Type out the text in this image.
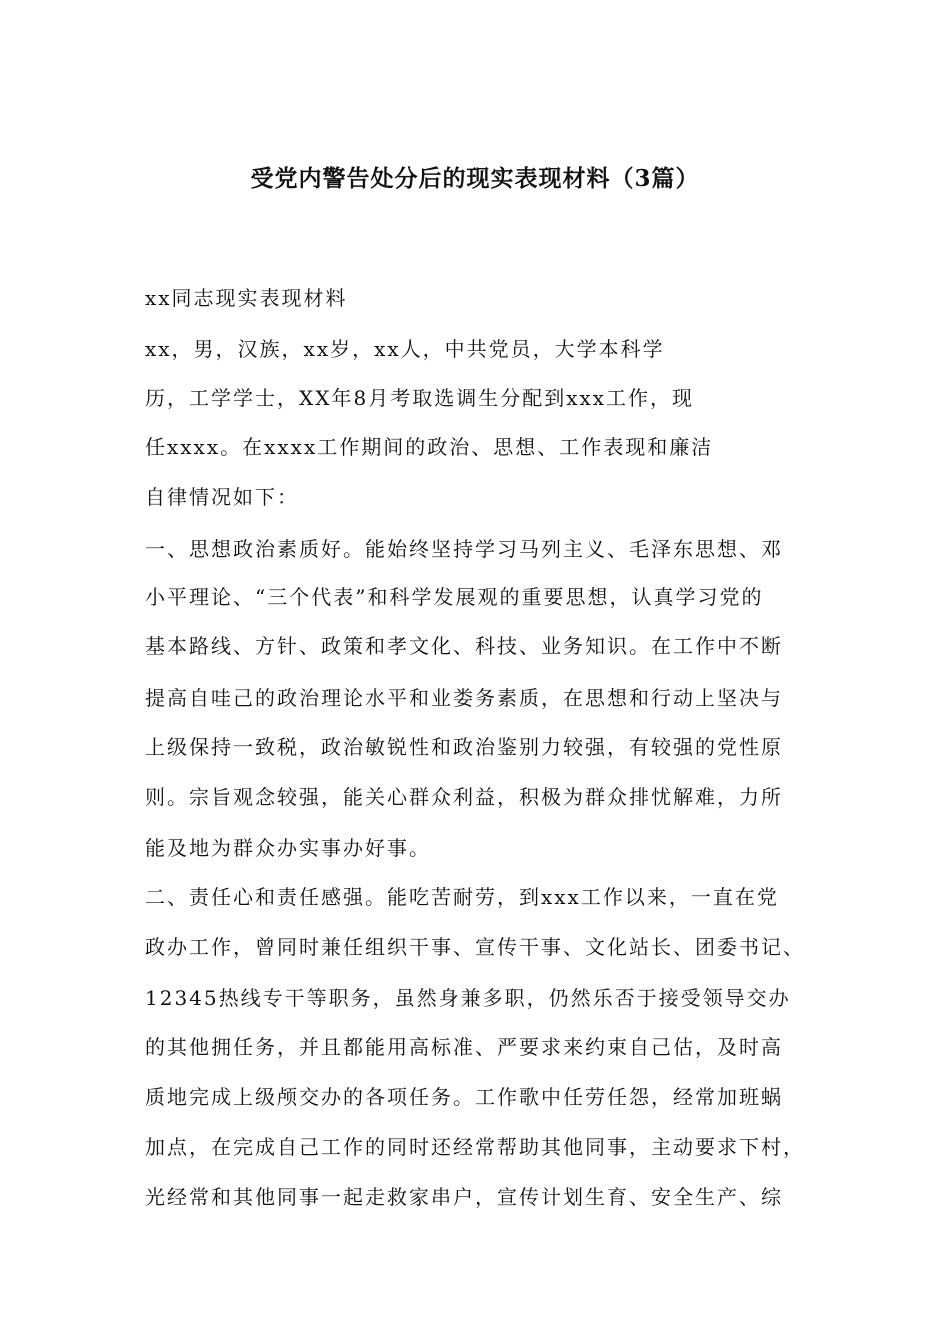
受党内警告处分后的现实表现材料（3篇）
xx同志现实表现材料
xx，男，汉族，xx岁，xx人，中共党员，大学本科学
历，工学学士，XX年8月考取选调生分配到xxx工作，现
任xxxx。在xxxx工作期间的政治、思想、工作表现和廉洁
自律情况如下：
一、思想政治素质好。能始终坚持学习马列主义、毛泽东思想、邓
小平理论、“三个代表”和科学发展观的重要思想，认真学习党的
基本路线、方针、政策和孝文化、科技、业务知识。在工作中不断
提高自哇己的政治理论水平和业娄务素质，在思想和行动上坚决与
上级保持一致税，政治敏锐性和政治鉴别力较强，有较强的党性原
则。宗旨观念较强，能关心群众利益，积极为群众排忧解难，力所
能及地为群众办实事办好事。
二、责任心和责任感强。能吃苦耐劳，到xxx工作以来，一直在党
政办工作，曾同时兼任组织干事、宣传干事、文化站长、团委书记、
12345热线专干等职务，虽然身兼多职，仍然乐否于接受领导交办
的其他拥任务，并且都能用高标准、严要求来约束自己估，及时高
质地完成上级颅交办的各项任务。工作歌中任劳任怨，经常加班蜗
加点，在完成自己工作的同时还经常帮助其他同事，主动要求下村，
光经常和其他同事一起走救家串户，宣传计划生育、安全生产、综
